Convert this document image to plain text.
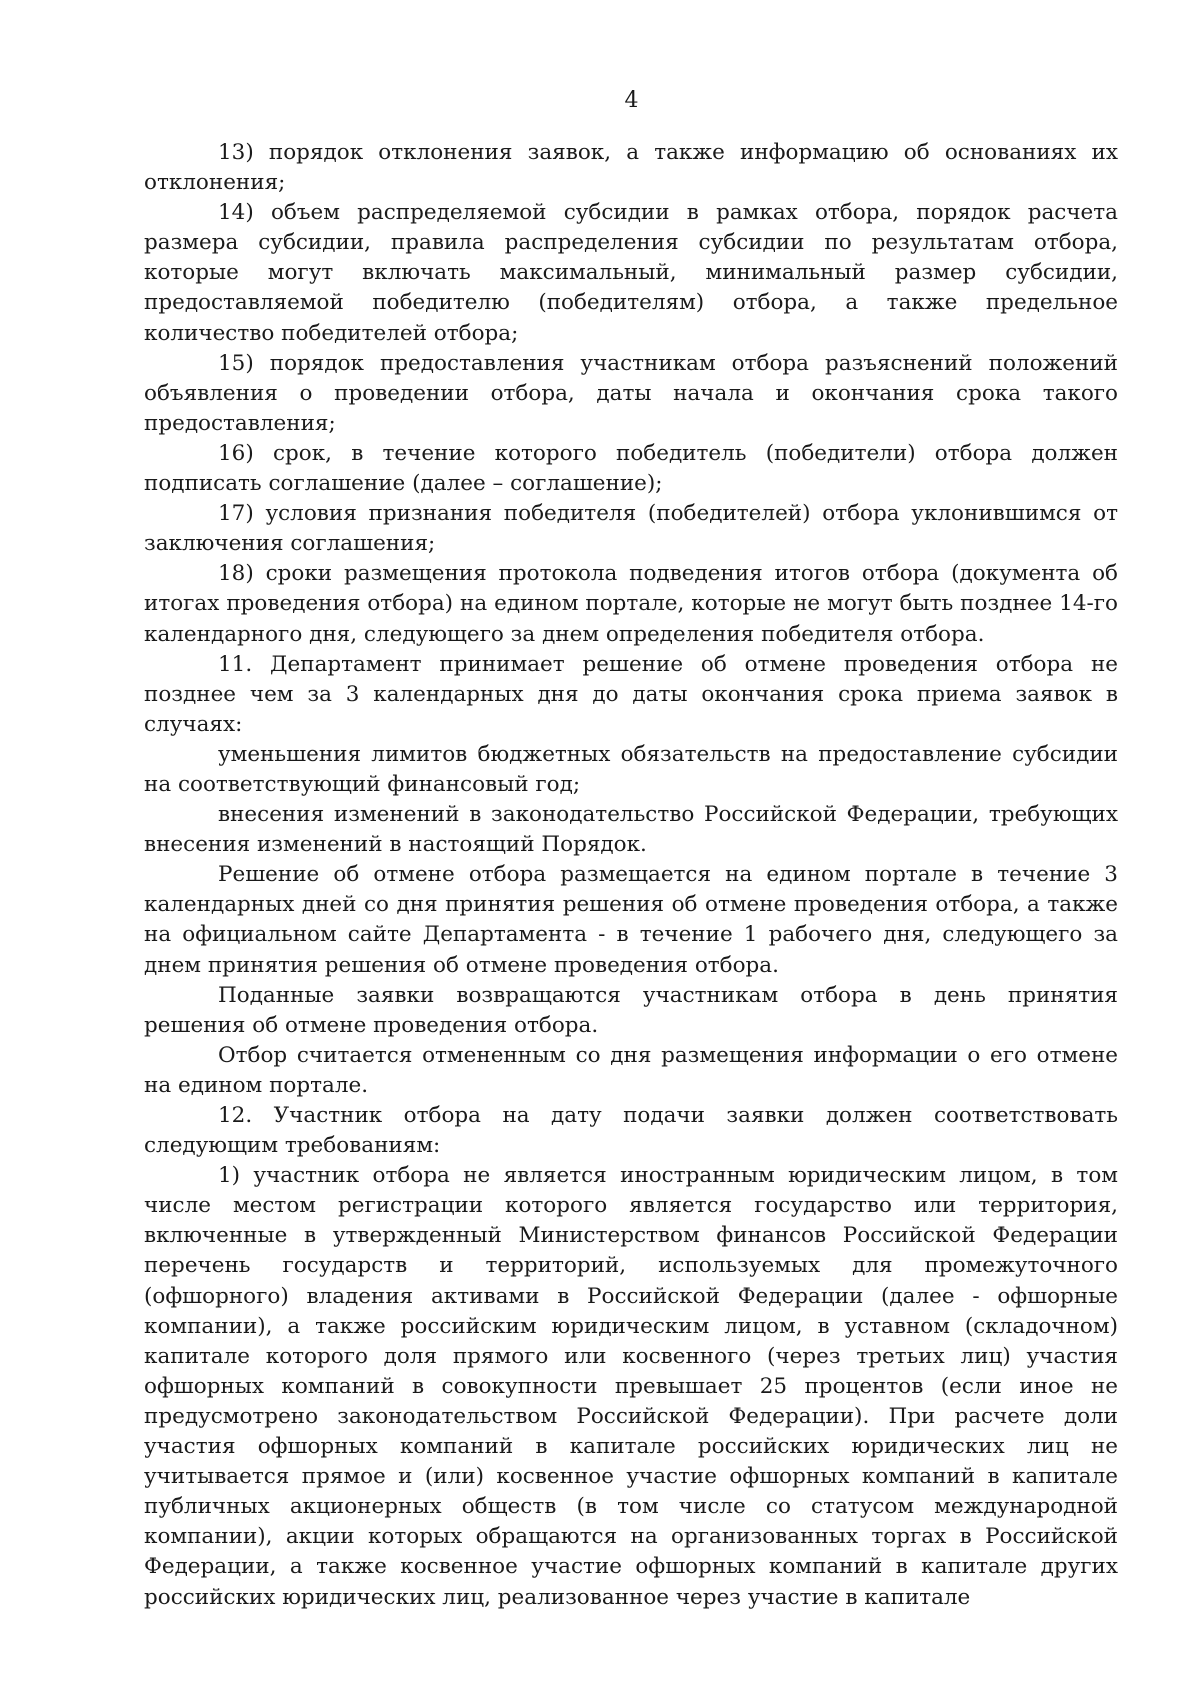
4

13) порядок отклонения заявок, а также информацию об основаниях их отклонения;

14) объем распределяемой субсидии в рамках отбора, порядок расчета размера субсидии, правила распределения субсидии по результатам отбора, которые могут включать максимальный, минимальный размер субсидии, предоставляемой победителю (победителям) отбора, а также предельное количество победителей отбора;

15) порядок предоставления участникам отбора разъяснений положений объявления о проведении отбора, даты начала и окончания срока такого предоставления;

16) срок, в течение которого победитель (победители) отбора должен подписать соглашение (далее – соглашение);

17) условия признания победителя (победителей) отбора уклонившимся от заключения соглашения;

18) сроки размещения протокола подведения итогов отбора (документа об итогах проведения отбора) на едином портале, которые не могут быть позднее 14-го календарного дня, следующего за днем определения победителя отбора.

11. Департамент принимает решение об отмене проведения отбора не позднее чем за 3 календарных дня до даты окончания срока приема заявок в случаях:

уменьшения лимитов бюджетных обязательств на предоставление субсидии на соответствующий финансовый год;

внесения изменений в законодательство Российской Федерации, требующих внесения изменений в настоящий Порядок.

Решение об отмене отбора размещается на едином портале в течение 3 календарных дней со дня принятия решения об отмене проведения отбора, а также на официальном сайте Департамента - в течение 1 рабочего дня, следующего за днем принятия решения об отмене проведения отбора.

Поданные заявки возвращаются участникам отбора в день принятия решения об отмене проведения отбора.

Отбор считается отмененным со дня размещения информации о его отмене на едином портале.

12. Участник отбора на дату подачи заявки должен соответствовать следующим требованиям:

1) участник отбора не является иностранным юридическим лицом, в том числе местом регистрации которого является государство или территория, включенные в утвержденный Министерством финансов Российской Федерации перечень государств и территорий, используемых для промежуточного (офшорного) владения активами в Российской Федерации (далее - офшорные компании), а также российским юридическим лицом, в уставном (складочном) капитале которого доля прямого или косвенного (через третьих лиц) участия офшорных компаний в совокупности превышает 25 процентов (если иное не предусмотрено законодательством Российской Федерации). При расчете доли участия офшорных компаний в капитале российских юридических лиц не учитывается прямое и (или) косвенное участие офшорных компаний в капитале публичных акционерных обществ (в том числе со статусом международной компании), акции которых обращаются на организованных торгах в Российской Федерации, а также косвенное участие офшорных компаний в капитале других российских юридических лиц, реализованное через участие в капитале
